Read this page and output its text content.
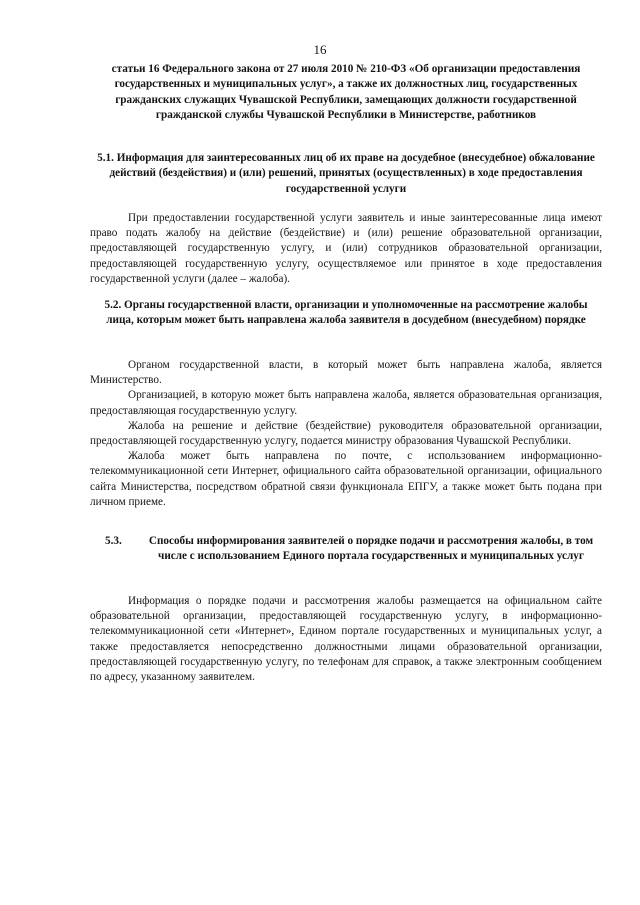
16
статьи 16 Федерального закона от 27 июля 2010 № 210-ФЗ «Об организации предоставления государственных и муниципальных услуг», а также их должностных лиц, государственных гражданских служащих Чувашской Республики, замещающих должности государственной гражданской службы Чувашской Республики в Министерстве, работников
5.1. Информация для заинтересованных лиц об их праве на досудебное (внесудебное) обжалование действий (бездействия) и (или) решений, принятых (осуществленных) в ходе предоставления государственной услуги

При предоставлении государственной услуги заявитель и иные заинтересованные лица имеют право подать жалобу на действие (бездействие) и (или) решение образовательной организации, предоставляющей государственную услугу, и (или) сотрудников образовательной организации, предоставляющей государственную услугу, осуществляемое или принятое в ходе предоставления государственной услуги (далее – жалоба).

5.2. Органы государственной власти, организации и уполномоченные на рассмотрение жалобы лица, которым может быть направлена жалоба заявителя в досудебном (внесудебном) порядке

Органом государственной власти, в который может быть направлена жалоба, является Министерство.

Организацией, в которую может быть направлена жалоба, является образовательная организация, предоставляющая государственную услугу.

Жалоба на решение и действие (бездействие) руководителя образовательной организации, предоставляющей государственную услугу, подается министру образования Чувашской Республики.

Жалоба может быть направлена по почте, с использованием информационно-телекоммуникационной сети Интернет, официального сайта образовательной организации, официального сайта Министерства, посредством обратной связи функционала ЕПГУ, а также может быть подана при личном приеме.

5.3.	Способы информирования заявителей о порядке подачи и рассмотрения жалобы, в том числе с использованием Единого портала государственных и муниципальных услуг

Информация о порядке подачи и рассмотрения жалобы размещается на официальном сайте образовательной организации, предоставляющей государственную услугу, в информационно-телекоммуникационной сети «Интернет», Едином портале государственных и муниципальных услуг, а также предоставляется непосредственно должностными лицами образовательной организации, предоставляющей государственную услугу, по телефонам для справок, а также электронным сообщением по адресу, указанному заявителем.
